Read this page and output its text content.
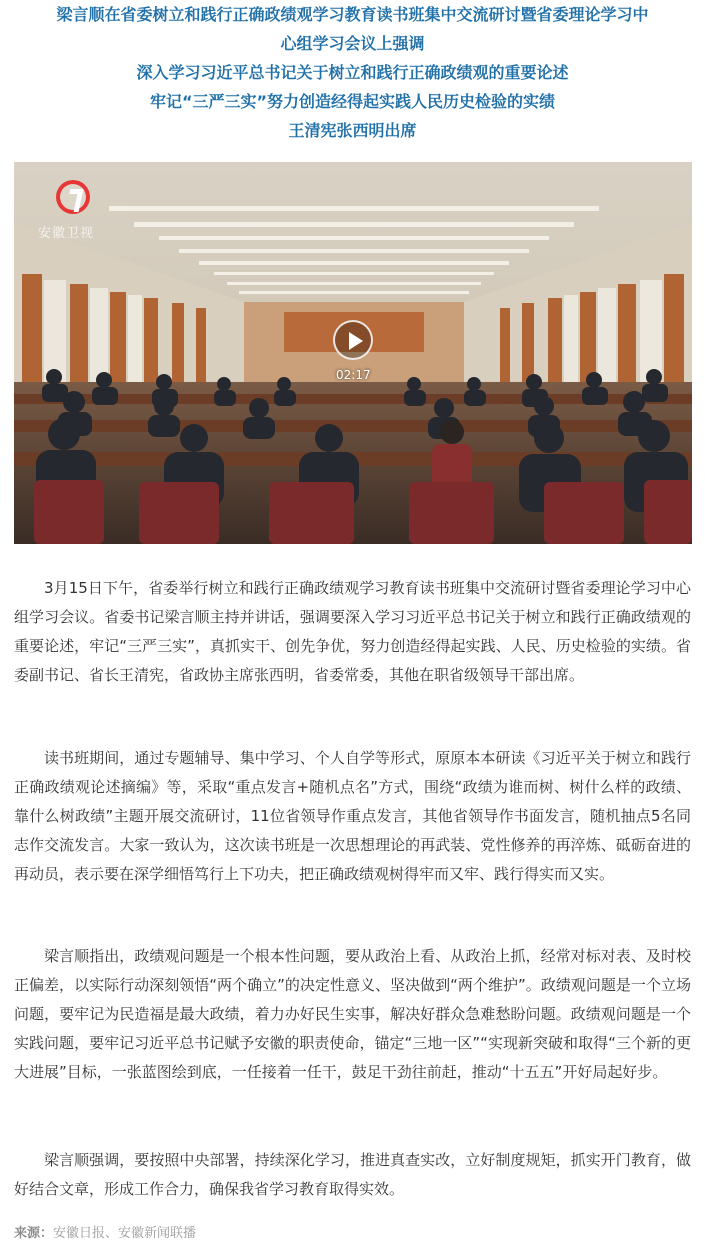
梁言顺在省委树立和践行正确政绩观学习教育读书班集中交流研讨暨省委理论学习中
心组学习会议上强调
深入学习习近平总书记关于树立和践行正确政绩观的重要论述
牢记“三严三实”努力创造经得起实践人民历史检验的实绩
王清宪张西明出席
安徽卫视
02:17

3月15日下午，省委举行树立和践行正确政绩观学习教育读书班集中交流研讨暨省委理论学习中心组学习会议。省委书记梁言顺主持并讲话，强调要深入学习习近平总书记关于树立和践行正确政绩观的重要论述，牢记“三严三实”，真抓实干、创先争优，努力创造经得起实践、人民、历史检验的实绩。省委副书记、省长王清宪，省政协主席张西明，省委常委，其他在职省级领导干部出席。

读书班期间，通过专题辅导、集中学习、个人自学等形式，原原本本研读《习近平关于树立和践行正确政绩观论述摘编》等，采取“重点发言+随机点名”方式，围绕“政绩为谁而树、树什么样的政绩、靠什么树政绩”主题开展交流研讨，11位省领导作重点发言，其他省领导作书面发言，随机抽点5名同志作交流发言。大家一致认为，这次读书班是一次思想理论的再武装、党性修养的再淬炼、砥砺奋进的再动员，表示要在深学细悟笃行上下功夫，把正确政绩观树得牢而又牢、践行得实而又实。

梁言顺指出，政绩观问题是一个根本性问题，要从政治上看、从政治上抓，经常对标对表、及时校正偏差，以实际行动深刻领悟“两个确立”的决定性意义、坚决做到“两个维护”。政绩观问题是一个立场问题，要牢记为民造福是最大政绩，着力办好民生实事，解决好群众急难愁盼问题。政绩观问题是一个实践问题，要牢记习近平总书记赋予安徽的职责使命，锚定“三地一区”“实现新突破和取得“三个新的更大进展”目标，一张蓝图绘到底，一任接着一任干，鼓足干劲往前赶，推动“十五五”开好局起好步。

梁言顺强调，要按照中央部署，持续深化学习，推进真查实改，立好制度规矩，抓实开门教育，做好结合文章，形成工作合力，确保我省学习教育取得实效。

来源：安徽日报、安徽新闻联播
